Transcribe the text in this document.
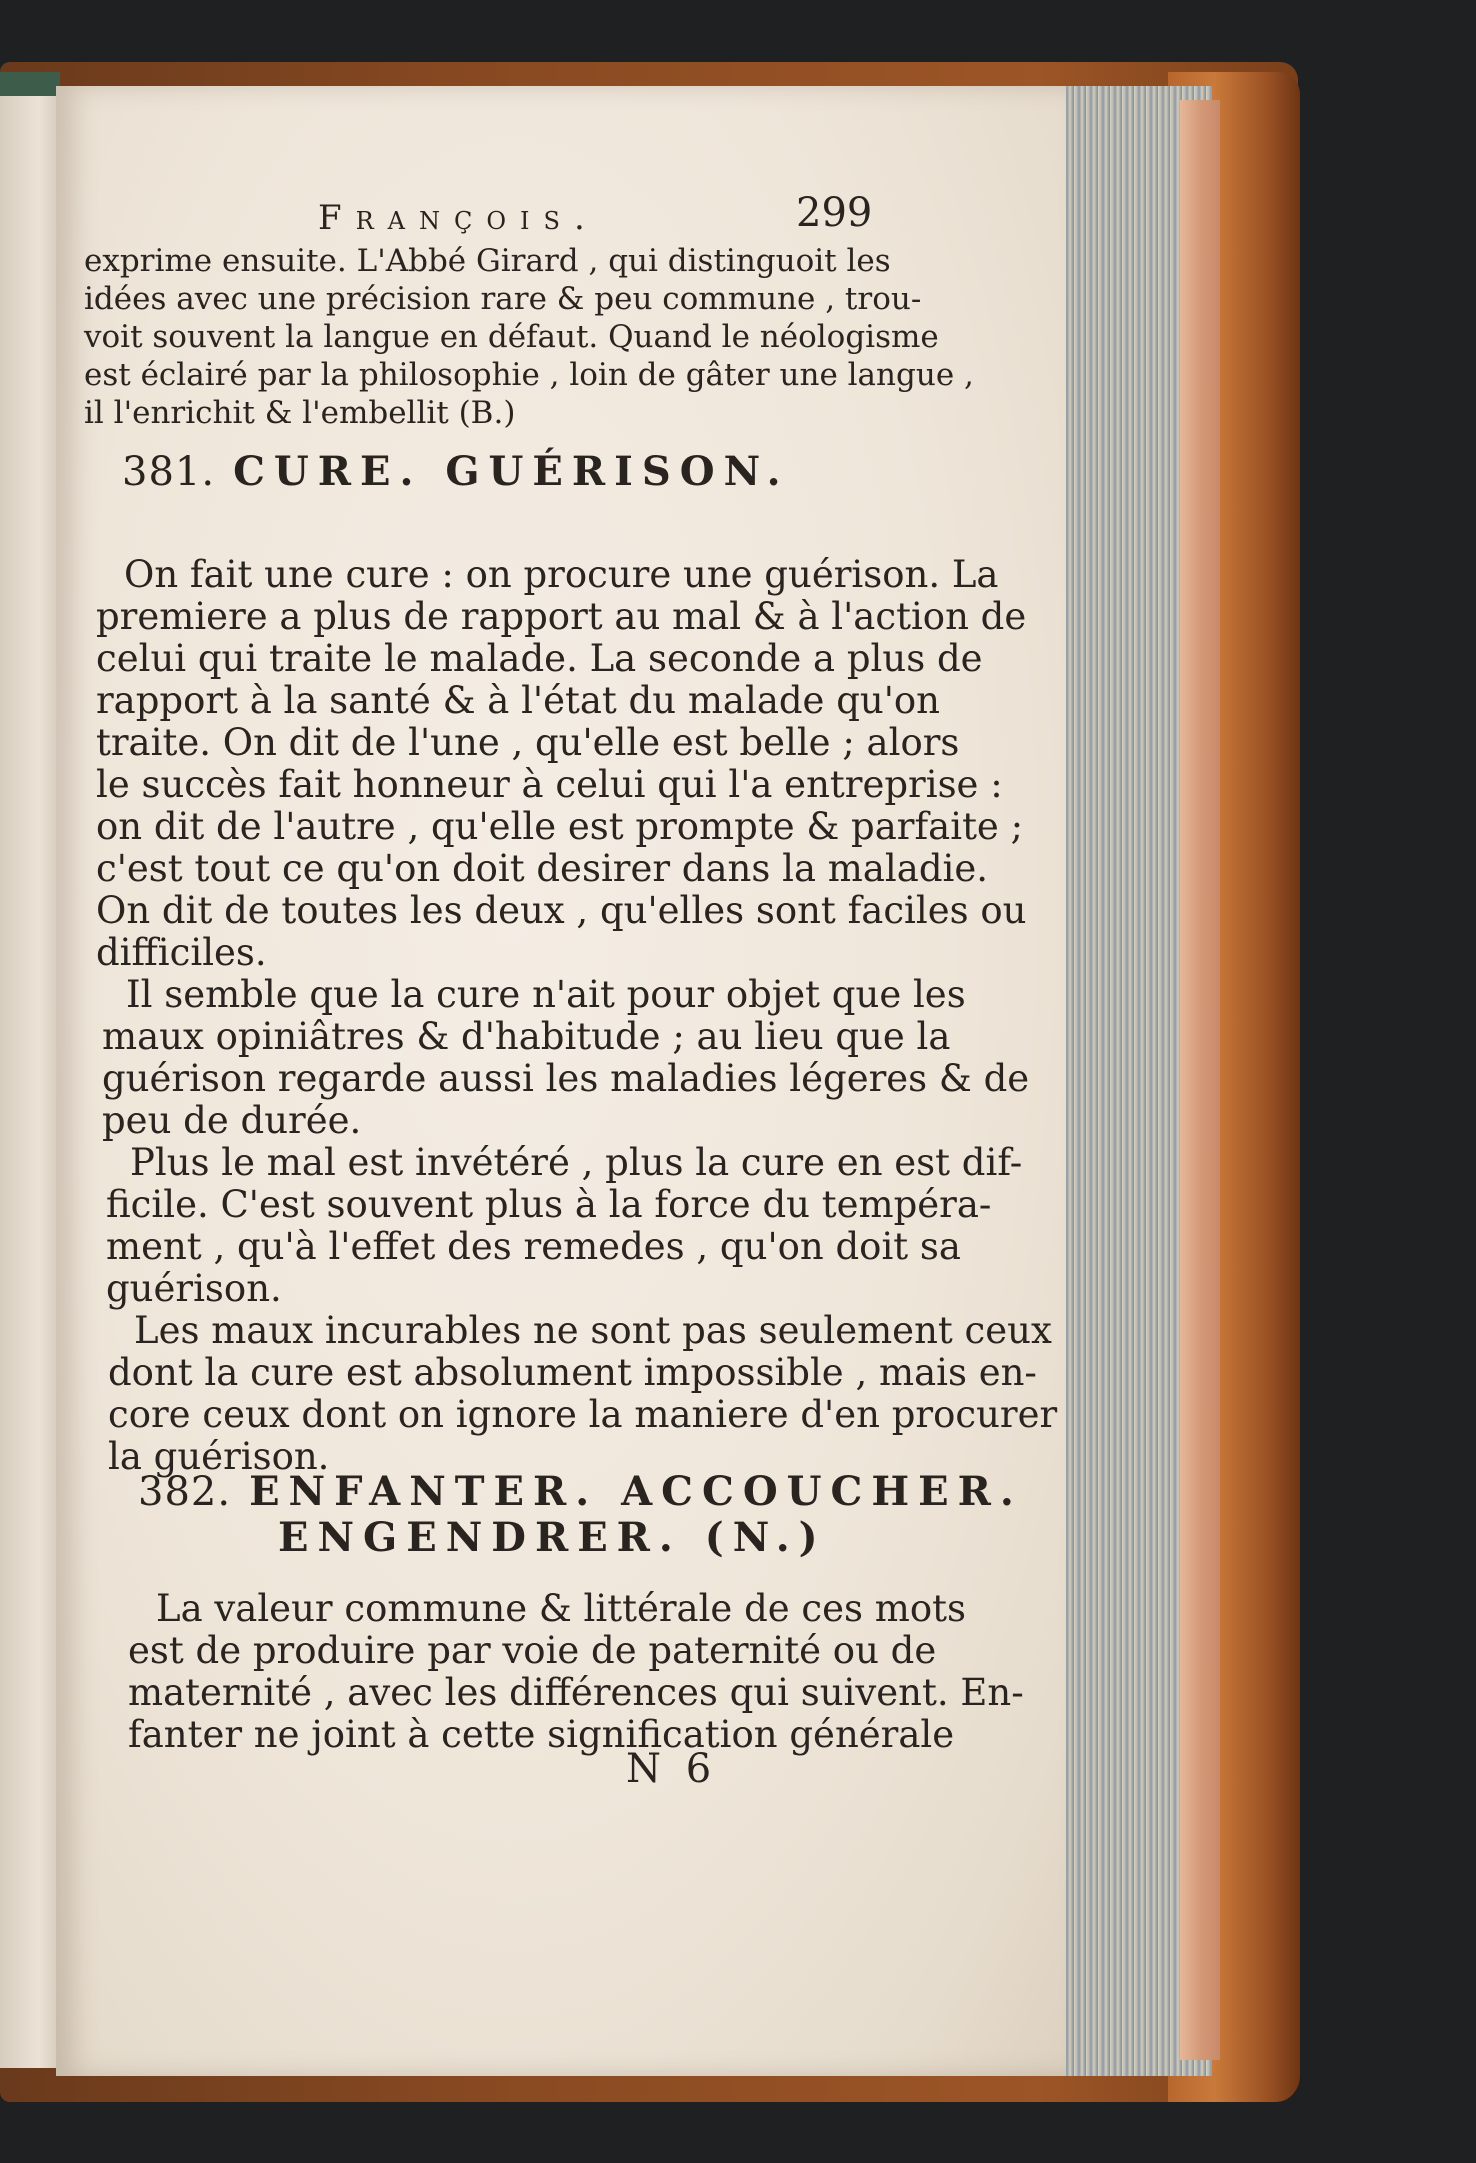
François.	299
exprime ensuite. L'Abbé Girard , qui distinguoit les
idées avec une précision rare & peu commune , trou-
voit souvent la langue en défaut. Quand le néologisme
est éclairé par la philosophie , loin de gâter une langue ,
il l'enrichit & l'embellit (B.)
381. CURE. GUÉRISON.
On fait une cure : on procure une guérison. La
premiere a plus de rapport au mal & à l'action de
celui qui traite le malade. La seconde a plus de
rapport à la santé & à l'état du malade qu'on
traite. On dit de l'une , qu'elle est belle ; alors
le succès fait honneur à celui qui l'a entreprise :
on dit de l'autre , qu'elle est prompte & parfaite ;
c'est tout ce qu'on doit desirer dans la maladie.
On dit de toutes les deux , qu'elles sont faciles ou
difficiles.
Il semble que la cure n'ait pour objet que les
maux opiniâtres & d'habitude ; au lieu que la
guérison regarde aussi les maladies légeres & de
peu de durée.
Plus le mal est invétéré , plus la cure en est dif-
ficile. C'est souvent plus à la force du tempéra-
ment , qu'à l'effet des remedes , qu'on doit sa
guérison.
Les maux incurables ne sont pas seulement ceux
dont la cure est absolument impossible , mais en-
core ceux dont on ignore la maniere d'en procurer
la guérison.
382. ENFANTER. ACCOUCHER.
ENGENDRER. (N.)
La valeur commune & littérale de ces mots
est de produire par voie de paternité ou de
maternité , avec les différences qui suivent. En-
fanter ne joint à cette signification générale
N 6
